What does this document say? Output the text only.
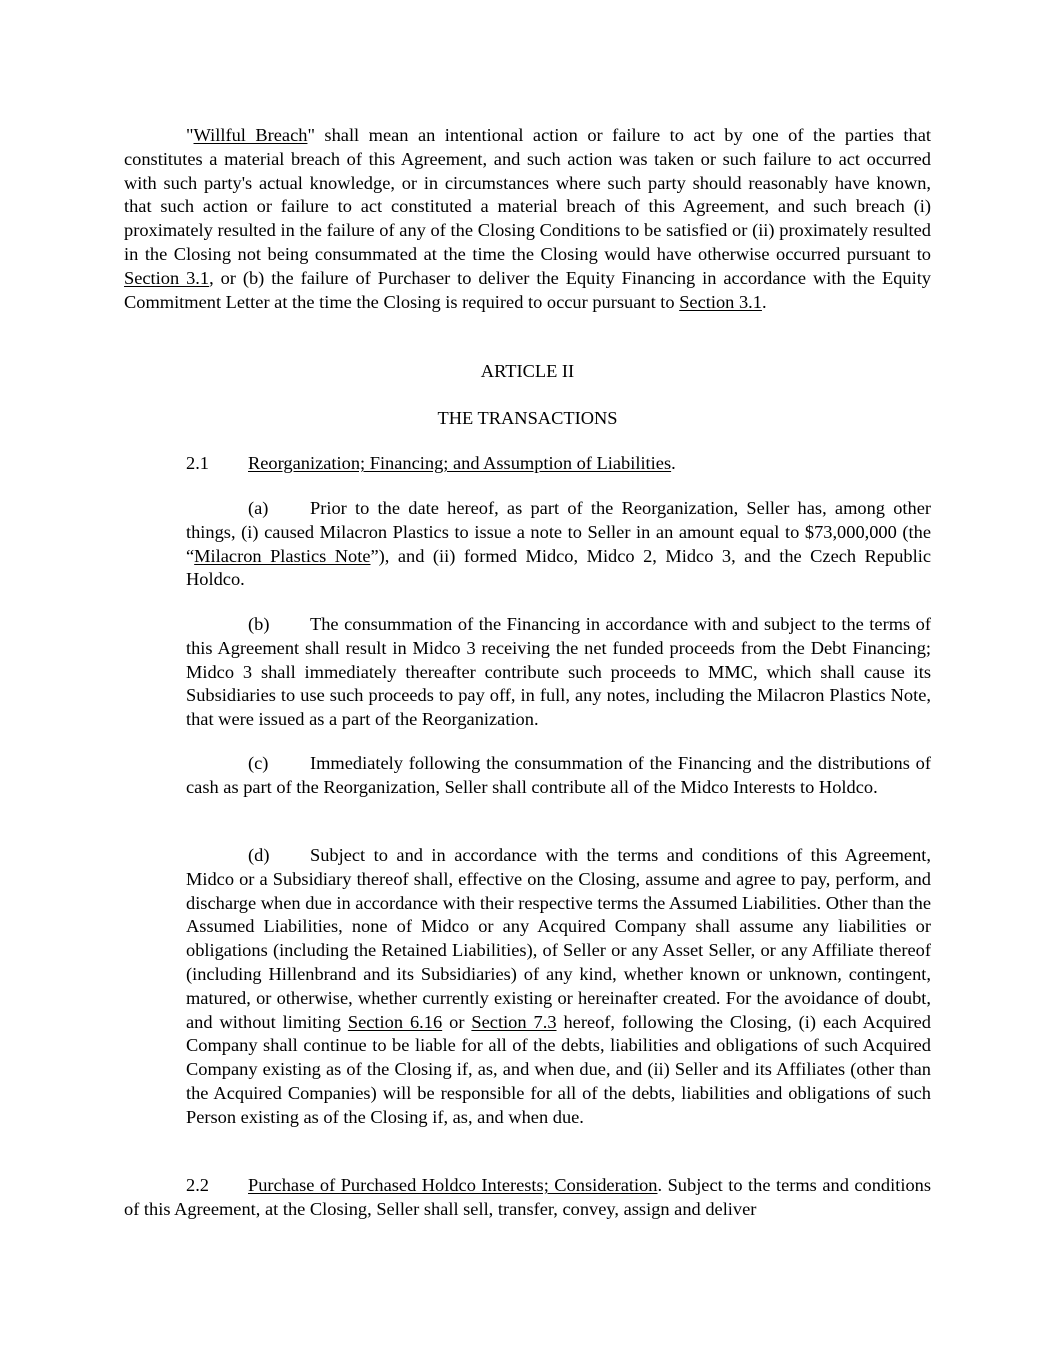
"Willful Breach" shall mean an intentional action or failure to act by one of the parties that constitutes a material breach of this Agreement, and such action was taken or such failure to act occurred with such party's actual knowledge, or in circumstances where such party should reasonably have known, that such action or failure to act constituted a material breach of this Agreement, and such breach (i) proximately resulted in the failure of any of the Closing Conditions to be satisfied or (ii) proximately resulted in the Closing not being consummated at the time the Closing would have otherwise occurred pursuant to Section 3.1, or (b) the failure of Purchaser to deliver the Equity Financing in accordance with the Equity Commitment Letter at the time the Closing is required to occur pursuant to Section 3.1.

ARTICLE II

THE TRANSACTIONS

2.1 Reorganization; Financing; and Assumption of Liabilities.

(a) Prior to the date hereof, as part of the Reorganization, Seller has, among other things, (i) caused Milacron Plastics to issue a note to Seller in an amount equal to $73,000,000 (the “Milacron Plastics Note”), and (ii) formed Midco, Midco 2, Midco 3, and the Czech Republic Holdco.

(b) The consummation of the Financing in accordance with and subject to the terms of this Agreement shall result in Midco 3 receiving the net funded proceeds from the Debt Financing; Midco 3 shall immediately thereafter contribute such proceeds to MMC, which shall cause its Subsidiaries to use such proceeds to pay off, in full, any notes, including the Milacron Plastics Note, that were issued as a part of the Reorganization.

(c) Immediately following the consummation of the Financing and the distributions of cash as part of the Reorganization, Seller shall contribute all of the Midco Interests to Holdco.

(d) Subject to and in accordance with the terms and conditions of this Agreement, Midco or a Subsidiary thereof shall, effective on the Closing, assume and agree to pay, perform, and discharge when due in accordance with their respective terms the Assumed Liabilities. Other than the Assumed Liabilities, none of Midco or any Acquired Company shall assume any liabilities or obligations (including the Retained Liabilities), of Seller or any Asset Seller, or any Affiliate thereof (including Hillenbrand and its Subsidiaries) of any kind, whether known or unknown, contingent, matured, or otherwise, whether currently existing or hereinafter created. For the avoidance of doubt, and without limiting Section 6.16 or Section 7.3 hereof, following the Closing, (i) each Acquired Company shall continue to be liable for all of the debts, liabilities and obligations of such Acquired Company existing as of the Closing if, as, and when due, and (ii) Seller and its Affiliates (other than the Acquired Companies) will be responsible for all of the debts, liabilities and obligations of such Person existing as of the Closing if, as, and when due.

2.2 Purchase of Purchased Holdco Interests; Consideration. Subject to the terms and conditions of this Agreement, at the Closing, Seller shall sell, transfer, convey, assign and deliver
